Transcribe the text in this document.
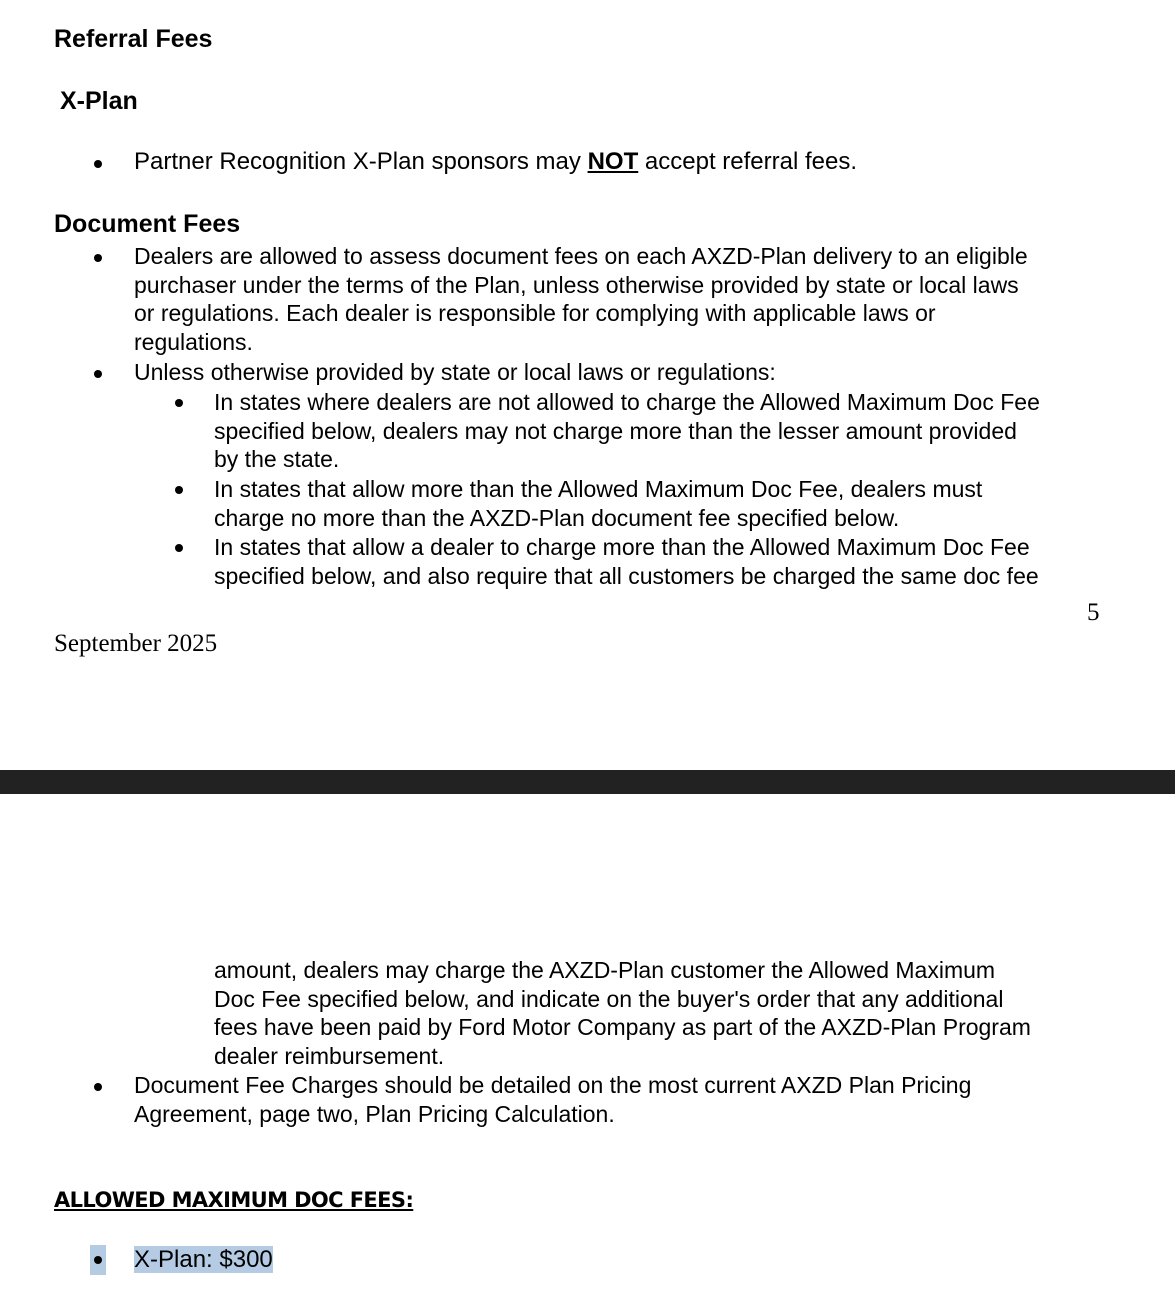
Referral Fees
X-Plan
Partner Recognition X-Plan sponsors may NOT accept referral fees.
Document Fees
Dealers are allowed to assess document fees on each AXZD-Plan delivery to an eligible
purchaser under the terms of the Plan, unless otherwise provided by state or local laws
or regulations. Each dealer is responsible for complying with applicable laws or
regulations.
Unless otherwise provided by state or local laws or regulations:
In states where dealers are not allowed to charge the Allowed Maximum Doc Fee
specified below, dealers may not charge more than the lesser amount provided
by the state.
In states that allow more than the Allowed Maximum Doc Fee, dealers must
charge no more than the AXZD-Plan document fee specified below.
In states that allow a dealer to charge more than the Allowed Maximum Doc Fee
specified below, and also require that all customers be charged the same doc fee
5
September 2025
amount, dealers may charge the AXZD-Plan customer the Allowed Maximum
Doc Fee specified below, and indicate on the buyer's order that any additional
fees have been paid by Ford Motor Company as part of the AXZD-Plan Program
dealer reimbursement.
Document Fee Charges should be detailed on the most current AXZD Plan Pricing
Agreement, page two, Plan Pricing Calculation.
ALLOWED MAXIMUM DOC FEES:
X-Plan: $300
